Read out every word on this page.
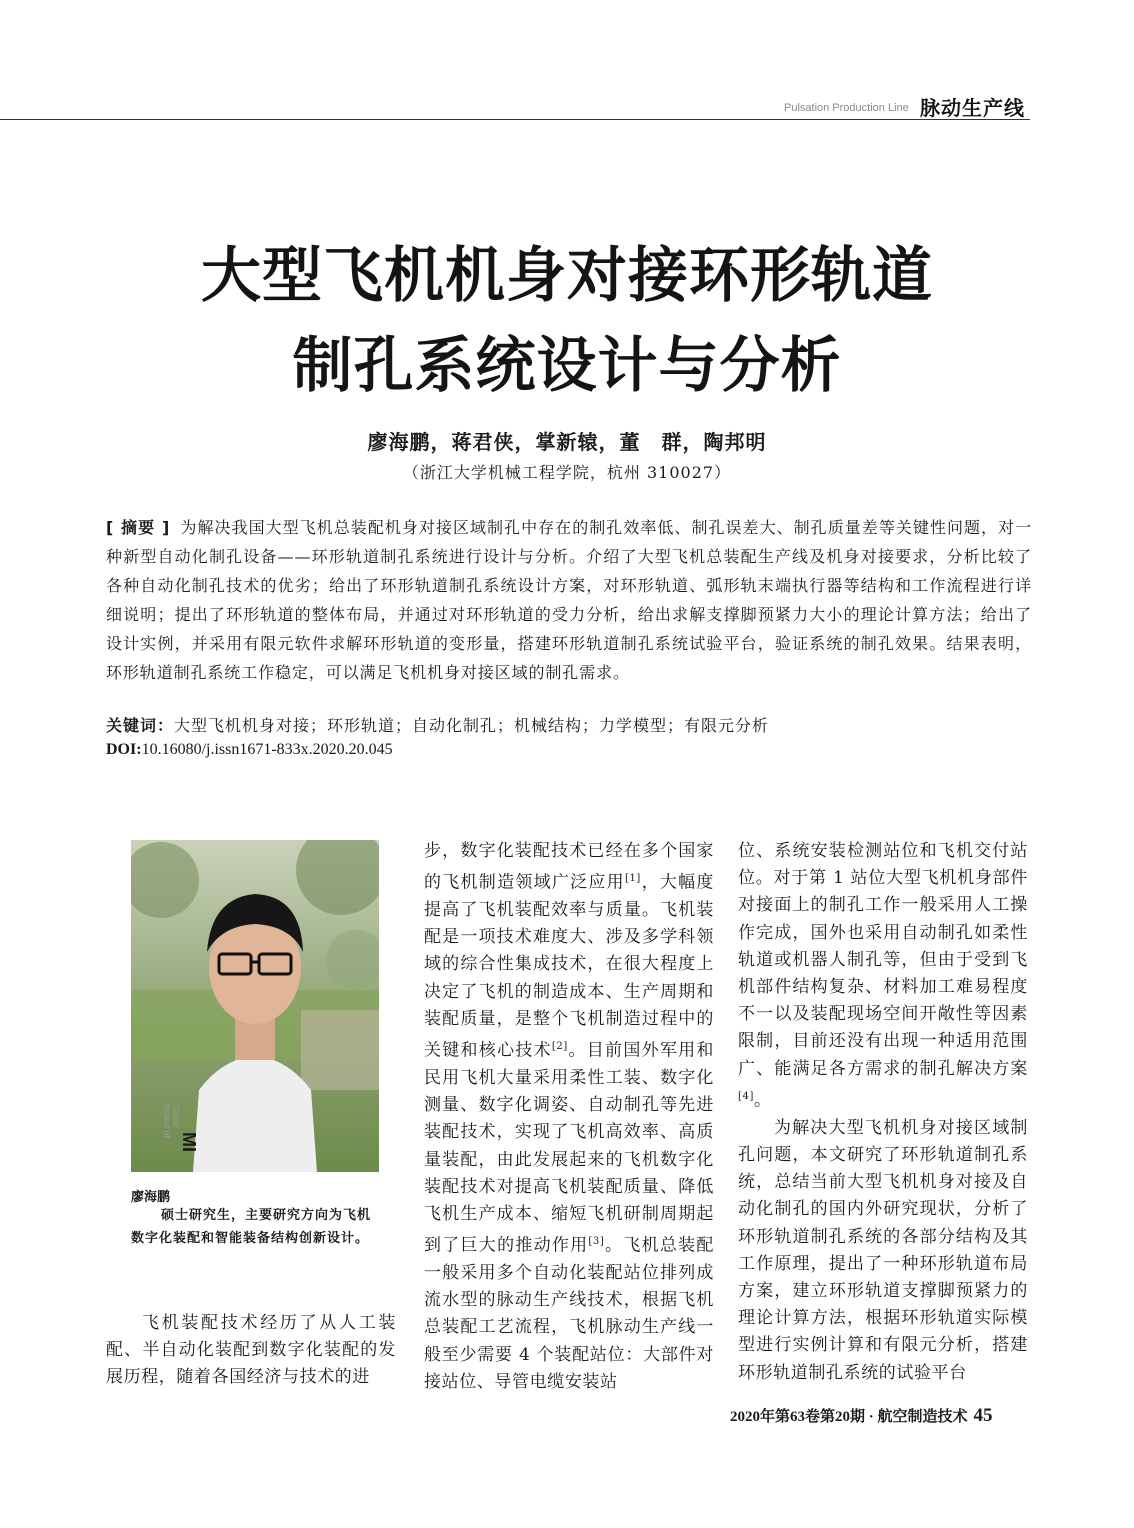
Pulsation Production Line 脉动生产线
大型飞机机身对接环形轨道
制孔系统设计与分析
廖海鹏，蒋君侠，掌新辕，董　群，陶邦明
（浙江大学机械工程学院，杭州 310027）
[ 摘要 ] 为解决我国大型飞机总装配机身对接区域制孔中存在的制孔效率低、制孔误差大、制孔质量差等关键性问题，对一种新型自动化制孔设备——环形轨道制孔系统进行设计与分析。介绍了大型飞机总装配生产线及机身对接要求，分析比较了各种自动化制孔技术的优劣；给出了环形轨道制孔系统设计方案，对环形轨道、弧形轨末端执行器等结构和工作流程进行详细说明；提出了环形轨道的整体布局，并通过对环形轨道的受力分析，给出求解支撑脚预紧力大小的理论计算方法；给出了设计实例，并采用有限元软件求解环形轨道的变形量，搭建环形轨道制孔系统试验平台，验证系统的制孔效果。结果表明，环形轨道制孔系统工作稳定，可以满足飞机机身对接区域的制孔需求。
关键词：大型飞机机身对接；环形轨道；自动化制孔；机械结构；力学模型；有限元分析
DOI:10.16080/j.issn1671-833x.2020.20.045
Good
brand of
MI
廖海鹏
硕士研究生，主要研究方向为飞机数字化装配和智能装备结构创新设计。
飞机装配技术经历了从人工装配、半自动化装配到数字化装配的发展历程，随着各国经济与技术的进
步，数字化装配技术已经在多个国家的飞机制造领域广泛应用[1]，大幅度提高了飞机装配效率与质量。飞机装配是一项技术难度大、涉及多学科领域的综合性集成技术，在很大程度上决定了飞机的制造成本、生产周期和装配质量，是整个飞机制造过程中的关键和核心技术[2]。目前国外军用和民用飞机大量采用柔性工装、数字化测量、数字化调姿、自动制孔等先进装配技术，实现了飞机高效率、高质量装配，由此发展起来的飞机数字化装配技术对提高飞机装配质量、降低飞机生产成本、缩短飞机研制周期起到了巨大的推动作用[3]。飞机总装配一般采用多个自动化装配站位排列成流水型的脉动生产线技术，根据飞机总装配工艺流程，飞机脉动生产线一般至少需要 4 个装配站位：大部件对接站位、导管电缆安装站
位、系统安装检测站位和飞机交付站位。对于第 1 站位大型飞机机身部件对接面上的制孔工作一般采用人工操作完成，国外也采用自动制孔如柔性轨道或机器人制孔等，但由于受到飞机部件结构复杂、材料加工难易程度不一以及装配现场空间开敞性等因素限制，目前还没有出现一种适用范围广、能满足各方需求的制孔解决方案[4]。
为解决大型飞机机身对接区域制孔问题，本文研究了环形轨道制孔系统，总结当前大型飞机机身对接及自动化制孔的国内外研究现状，分析了环形轨道制孔系统的各部分结构及其工作原理，提出了一种环形轨道布局方案，建立环形轨道支撑脚预紧力的理论计算方法，根据环形轨道实际模型进行实例计算和有限元分析，搭建环形轨道制孔系统的试验平台
2020年第63卷第20期 · 航空制造技术 45
